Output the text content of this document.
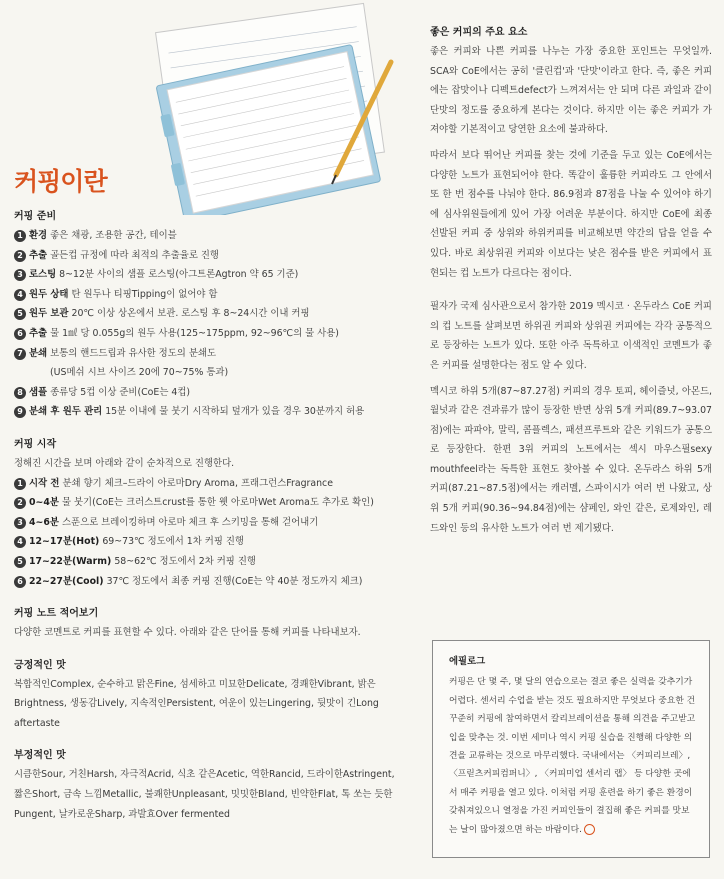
커핑이란
커핑 준비
1 환경 좋은 채광, 조용한 공간, 테이블
2 추출 골든컵 규정에 따라 최적의 추출율로 진행
3 로스팅 8~12분 사이의 샘플 로스팅(아그트론Agtron 약 65 기준)
4 원두 상태 탄 원두나 티핑Tipping이 없어야 함
5 원두 보관 20℃ 이상 상온에서 보관. 로스팅 후 8~24시간 이내 커핑
6 추출 물 1㎖ 당 0.055g의 원두 사용(125~175ppm, 92~96℃의 물 사용)
7 분쇄 보통의 핸드드립과 유사한 정도의 분쇄도
(US메쉬 시브 사이즈 20에 70~75% 통과)
8 샘플 종류당 5컵 이상 준비(CoE는 4컵)
9 분쇄 후 원두 관리 15분 이내에 물 붓기 시작하되 덮개가 있을 경우 30분까지 허용
커핑 시작

정해진 시간을 보며 아래와 같이 순차적으로 진행한다.

1 시작 전 분쇄 향기 체크–드라이 아로마Dry Aroma, 프래그런스Fragrance
2 0~4분 물 붓기(CoE는 크러스트crust를 통한 웻 아로마Wet Aroma도 추가로 확인)
3 4~6분 스푼으로 브레이킹하며 아로마 체크 후 스키밍을 통해 걷어내기
4 12~17분(Hot) 69~73℃ 정도에서 1차 커핑 진행
5 17~22분(Warm) 58~62℃ 정도에서 2차 커핑 진행
6 22~27분(Cool) 37℃ 정도에서 최종 커핑 진행(CoE는 약 40분 정도까지 체크)
커핑 노트 적어보기

다양한 코멘트로 커피를 표현할 수 있다. 아래와 같은 단어를 통해 커피를 나타내보자.

긍정적인 맛

복합적인Complex, 순수하고 맑은Fine, 섬세하고 미묘한Delicate, 경쾌한Vibrant, 밝은Brightness, 생동감Lively, 지속적인Persistent, 여운이 있는Lingering, 뒷맛이 긴Long aftertaste

부정적인 맛

시큼한Sour, 거친Harsh, 자극적Acrid, 식초 같은Acetic, 역한Rancid, 드라이한Astringent, 짧은Short, 금속 느낌Metallic, 불쾌한Unpleasant, 밋밋한Bland, 빈약한Flat, 톡 쏘는 듯한Pungent, 날카로운Sharp, 과발효Over fermented

좋은 커피의 주요 요소

좋은 커피와 나쁜 커피를 나누는 가장 중요한 포인트는 무엇일까. SCA와 CoE에서는 공히 '클린컵'과 '단맛'이라고 한다. 즉, 좋은 커피에는 잡맛이나 디펙트defect가 느껴져서는 안 되며 다른 과일과 같이 단맛의 정도를 중요하게 본다는 것이다. 하지만 이는 좋은 커피가 가져야할 기본적이고 당연한 요소에 불과하다.

따라서 보다 뛰어난 커피를 찾는 것에 기준을 두고 있는 CoE에서는 다양한 노트가 표현되어야 한다. 똑같이 훌륭한 커피라도 그 안에서 또 한 번 점수를 나눠야 한다. 86.9점과 87점을 나눌 수 있어야 하기에 심사위원들에게 있어 가장 어려운 부분이다. 하지만 CoE에 최종 선발된 커피 중 상위와 하위커피를 비교해보면 약간의 답을 얻을 수 있다. 바로 최상위권 커피와 이보다는 낮은 점수를 받은 커피에서 표현되는 컵 노트가 다르다는 점이다.

필자가 국제 심사관으로서 참가한 2019 멕시코 · 온두라스 CoE 커피의 컵 노트를 살펴보면 하위권 커피와 상위권 커피에는 각각 공통적으로 등장하는 노트가 있다. 또한 아주 독특하고 이색적인 코멘트가 좋은 커피를 설명한다는 점도 알 수 있다.

멕시코 하위 5개(87~87.27점) 커피의 경우 토피, 헤이즐넛, 아몬드, 월넛과 같은 견과류가 많이 등장한 반면 상위 5개 커피(89.7~93.07점)에는 파파야, 말릭, 콤플렉스, 패션프루트와 같은 키워드가 공통으로 등장한다. 한편 3위 커피의 노트에서는 섹시 마우스필sexy mouthfeel라는 독특한 표현도 찾아볼 수 있다. 온두라스 하위 5개 커피(87.21~87.5점)에서는 캐러멜, 스파이시가 여러 번 나왔고, 상위 5개 커피(90.36~94.84점)에는 샴페인, 와인 같은, 로제와인, 레드와인 등의 유사한 노트가 여러 번 제기됐다.

에필로그

커핑은 단 몇 주, 몇 달의 연습으로는 결코 좋은 실력을 갖추기가 어렵다. 센서리 수업을 받는 것도 필요하지만 무엇보다 중요한 건 꾸준히 커핑에 참여하면서 칼리브레이션을 통해 의견을 주고받고 입을 맞추는 것. 이번 세미나 역시 커핑 실습을 진행해 다양한 의견을 교류하는 것으로 마무리했다. 국내에서는 〈커피리브레〉, 〈프릳츠커피컴퍼니〉, 〈커피미업 센서리 랩〉 등 다양한 곳에서 매주 커핑을 열고 있다. 이처럼 커핑 훈련을 하기 좋은 환경이 갖춰져있으니 열정을 가진 커피인들이 결집해 좋은 커피를 맛보는 날이 많아졌으면 하는 바람이다.
